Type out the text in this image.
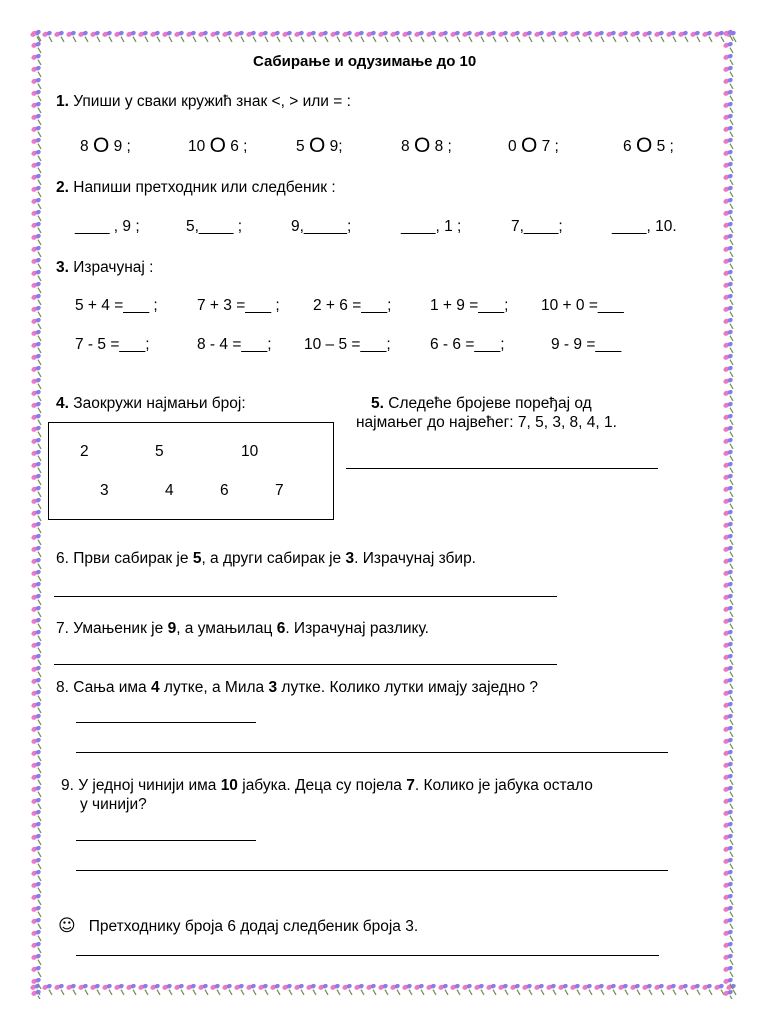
Сабирање и одузимање до 10
1. Упиши у сваки кружић знак <, > или = :
8 O 9 ;	10 O 6 ;	5 O 9;	8 O 8 ;	0 O 7 ;	6 O 5 ;
2. Напиши претходник или следбеник :
____ , 9 ;	5,____ ;	9,_____;	____, 1 ;	7,____;	____, 10.
3. Израчунај :
5 + 4 =___ ;	7 + 3 =___ ; 2 + 6 =___; 1 + 9 =___; 10 + 0 =___
7 - 5 =___;	8 - 4 =___; 10 – 5 =___;	6 - 6 =___;	9 - 9 =___
4. Заокружи најмањи број:
2	5	10
3	4	6	7
5. Следеће бројеве поређај од
најмањег до највећег: 7, 5, 3, 8, 4, 1.
6. Први сабирак је 5, а други сабирак је 3. Израчунај збир.
7. Умањеник је 9, а умањилац 6. Израчунај разлику.
8. Сања има 4 лутке, а Мила 3 лутке. Колико лутки имају заједно ?
9. У једној чинији има 10 јабука. Деца су појела 7. Колико је јабука остало
у чинији?
☺ Претходнику броја 6 додај следбеник броја 3.
